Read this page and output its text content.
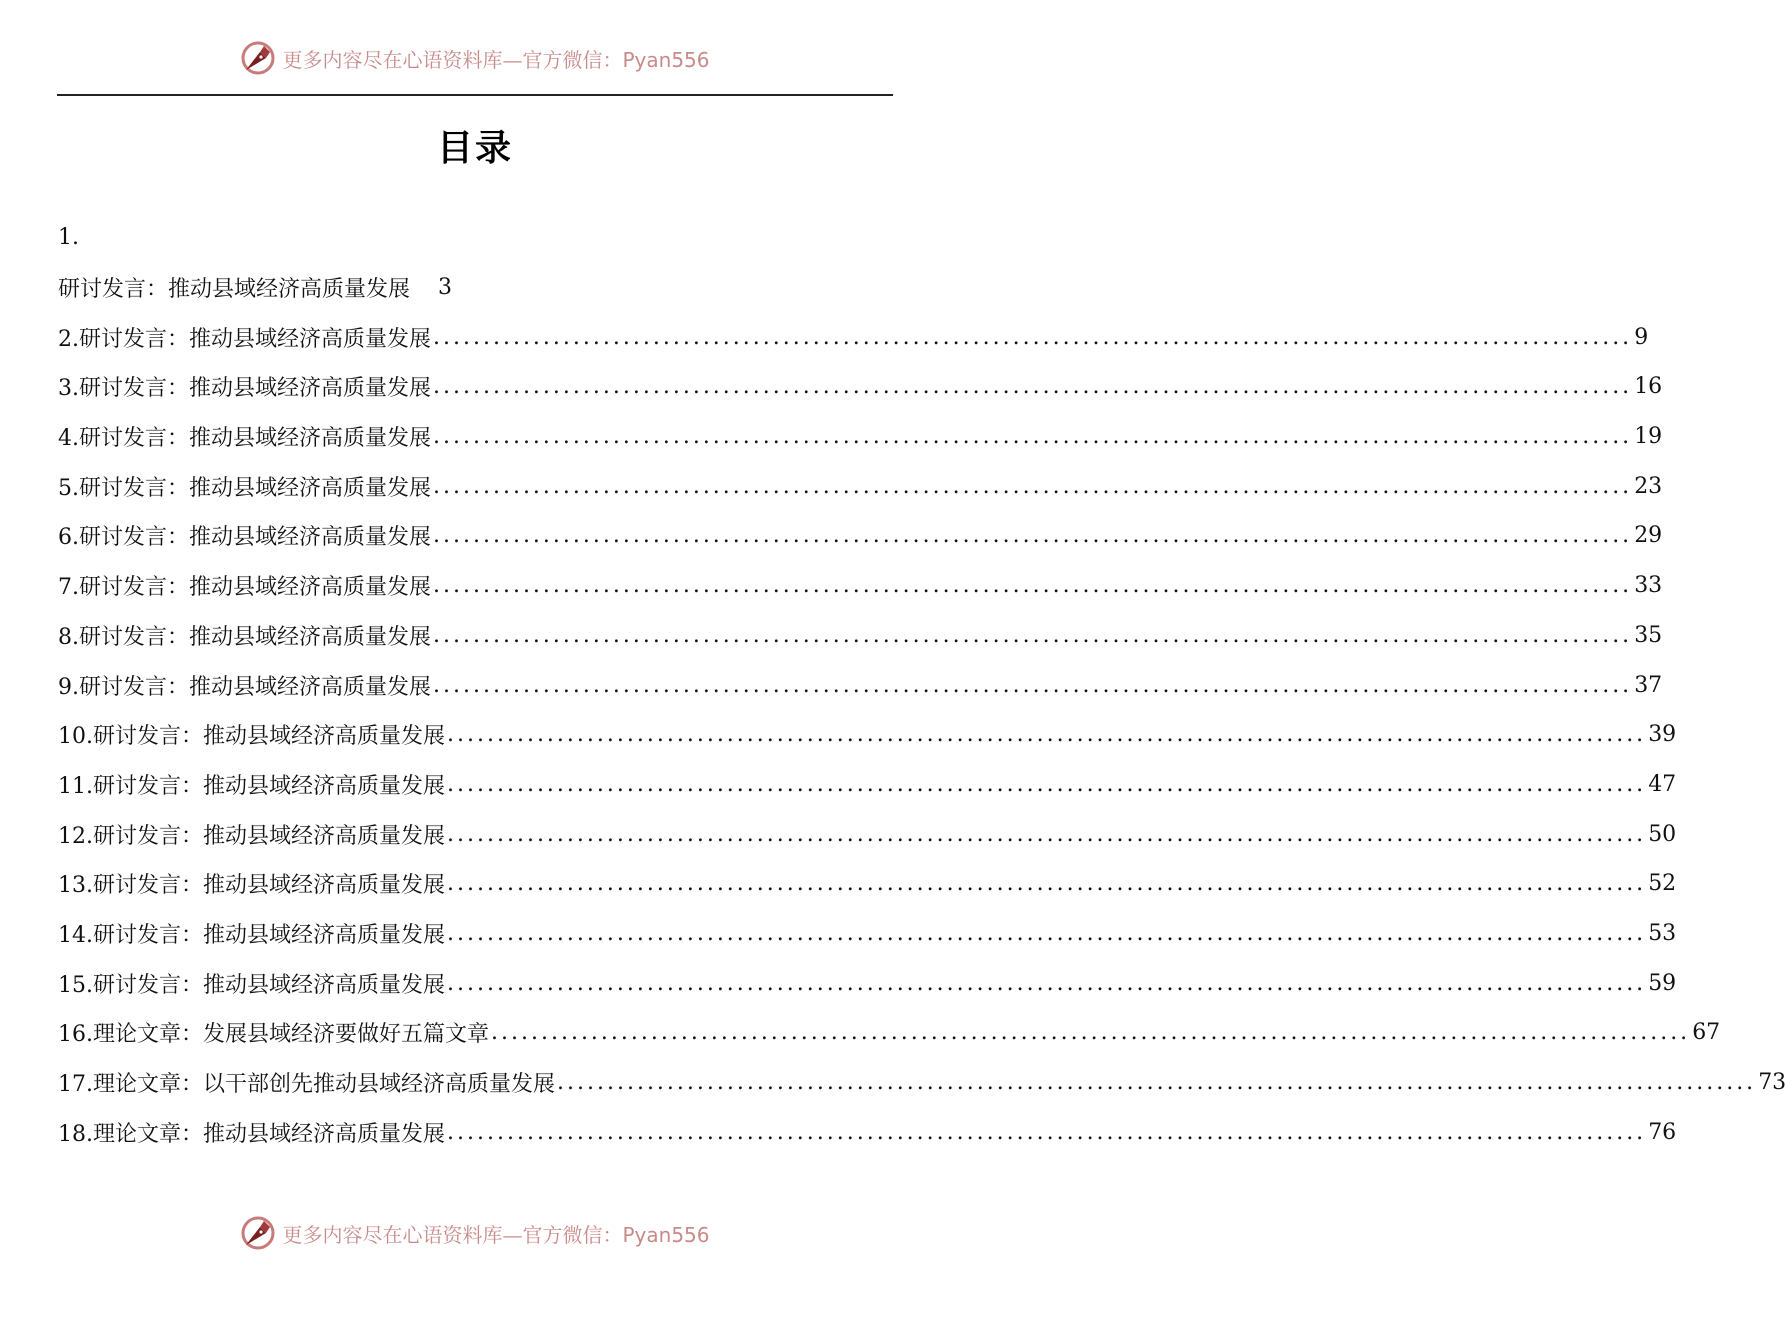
更多内容尽在心语资料库—官方微信：Pyan556
目录
1.
研讨发言：推动县域经济高质量发展 3
2.研讨发言：推动县域经济高质量发展 ........................................................................................................................ 9
3.研讨发言：推动县域经济高质量发展 ........................................................................................................................ 16
4.研讨发言：推动县域经济高质量发展 ........................................................................................................................ 19
5.研讨发言：推动县域经济高质量发展 ........................................................................................................................ 23
6.研讨发言：推动县域经济高质量发展 ........................................................................................................................ 29
7.研讨发言：推动县域经济高质量发展 ........................................................................................................................ 33
8.研讨发言：推动县域经济高质量发展 ........................................................................................................................ 35
9.研讨发言：推动县域经济高质量发展 ........................................................................................................................ 37
10.研讨发言：推动县域经济高质量发展 ........................................................................................................................ 39
11.研讨发言：推动县域经济高质量发展 ........................................................................................................................ 47
12.研讨发言：推动县域经济高质量发展 ........................................................................................................................ 50
13.研讨发言：推动县域经济高质量发展 ........................................................................................................................ 52
14.研讨发言：推动县域经济高质量发展 ........................................................................................................................ 53
15.研讨发言：推动县域经济高质量发展 ........................................................................................................................ 59
16.理论文章：发展县域经济要做好五篇文章 ........................................................................................................................ 67
17.理论文章：以干部创先推动县域经济高质量发展 ........................................................................................................................ 73
18.理论文章：推动县域经济高质量发展 ........................................................................................................................ 76
更多内容尽在心语资料库—官方微信：Pyan556
